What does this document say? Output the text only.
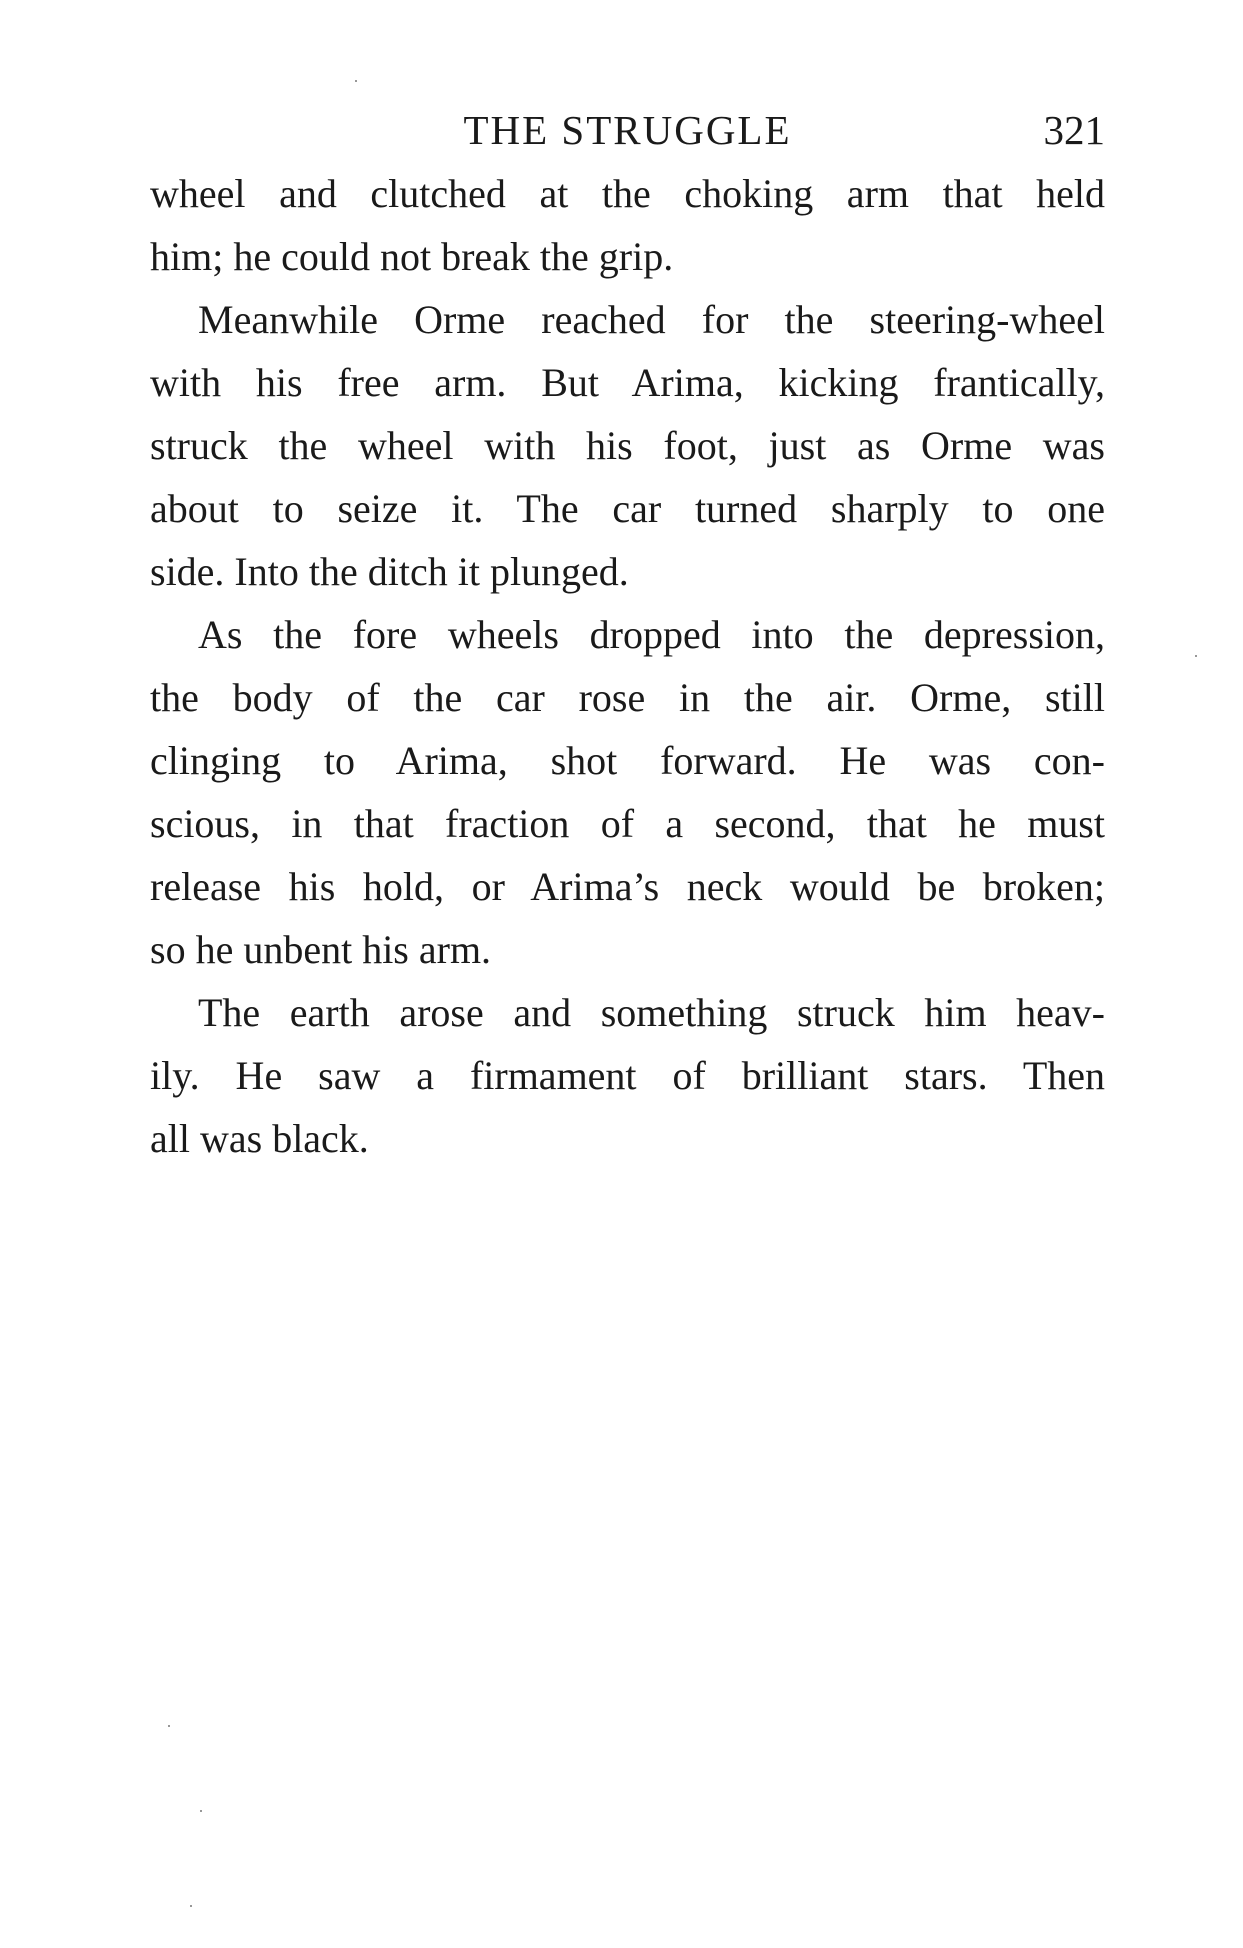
THE STRUGGLE	321
wheel and clutched at the choking arm that held
him; he could not break the grip.
Meanwhile Orme reached for the steering-wheel
with his free arm. But Arima, kicking frantically,
struck the wheel with his foot, just as Orme was
about to seize it. The car turned sharply to one
side. Into the ditch it plunged.
As the fore wheels dropped into the depression,
the body of the car rose in the air. Orme, still
clinging to Arima, shot forward. He was con-
scious, in that fraction of a second, that he must
release his hold, or Arima’s neck would be broken;
so he unbent his arm.
The earth arose and something struck him heav-
ily. He saw a firmament of brilliant stars. Then
all was black.
